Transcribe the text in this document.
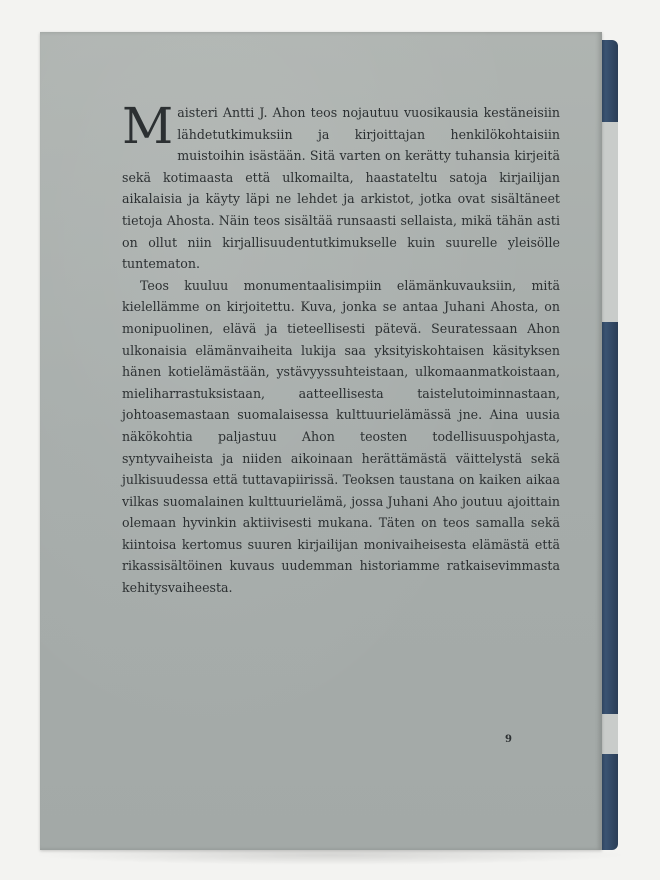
Maisteri Antti J. Ahon teos nojautuu vuosikausia kestäneisiin lähdetutkimuksiin ja kirjoittajan henkilökohtaisiin muistoihin isästään. Sitä varten on kerätty tuhansia kirjeitä sekä kotimaasta että ulkomailta, haastateltu satoja kirjailijan aikalaisia ja käyty läpi ne lehdet ja arkistot, jotka ovat sisältäneet tietoja Ahosta. Näin teos sisältää runsaasti sellaista, mikä tähän asti on ollut niin kirjallisuudentutkimukselle kuin suurelle yleisölle tuntematon.

Teos kuuluu monumentaalisimpiin elämänkuvauksiin, mitä kielellämme on kirjoitettu. Kuva, jonka se antaa Juhani Ahosta, on monipuolinen, elävä ja tieteellisesti pätevä. Seuratessaan Ahon ulkonaisia elämänvaiheita lukija saa yksityiskohtaisen käsityksen hänen kotielämästään, ystävyyssuhteistaan, ulkomaanmatkoistaan, mieliharrastuksistaan, aatteellisesta taistelutoiminnastaan, johtoasemastaan suomalaisessa kulttuurielämässä jne. Aina uusia näkökohtia paljastuu Ahon teosten todellisuuspohjasta, syntyvaiheista ja niiden aikoinaan herättämästä väittelystä sekä julkisuudessa että tuttavapiirissä. Teoksen taustana on kaiken aikaa vilkas suomalainen kulttuurielämä, jossa Juhani Aho joutuu ajoittain olemaan hyvinkin aktiivisesti mukana. Täten on teos samalla sekä kiintoisa kertomus suuren kirjailijan monivaiheisesta elämästä että rikassisältöinen kuvaus uudemman historiamme ratkaisevimmasta kehitysvaiheesta.

9
